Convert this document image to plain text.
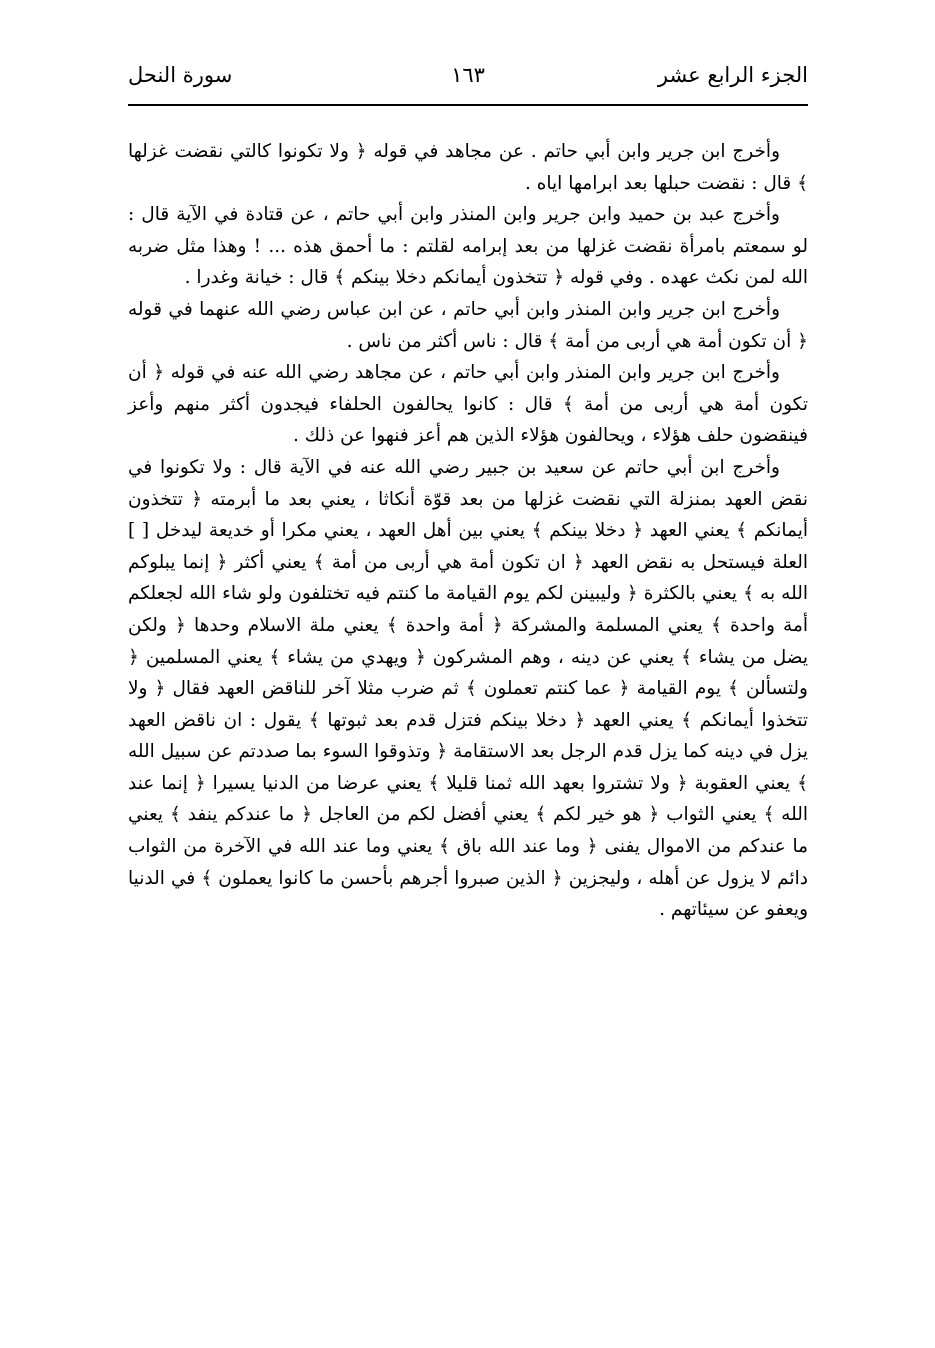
الجزء الرابع عشر
١٦٣
سورة النحل

وأخرج ابن جرير وابن أبي حاتم . عن مجاهد في قوله ﴿ ولا تكونوا كالتي نقضت غزلها ﴾ قال : نقضت حبلها بعد ابرامها اياه .

وأخرج عبد بن حميد وابن جرير وابن المنذر وابن أبي حاتم ، عن قتادة في الآية قال : لو سمعتم بامرأة نقضت غزلها من بعد إبرامه لقلتم : ما أحمق هذه ... ! وهذا مثل ضربه الله لمن نكث عهده . وفي قوله ﴿ تتخذون أيمانكم دخلا بينكم ﴾ قال : خيانة وغدرا .

وأخرج ابن جرير وابن المنذر وابن أبي حاتم ، عن ابن عباس رضي الله عنهما في قوله ﴿ أن تكون أمة هي أربى من أمة ﴾ قال : ناس أكثر من ناس .

وأخرج ابن جرير وابن المنذر وابن أبي حاتم ، عن مجاهد رضي الله عنه في قوله ﴿ أن تكون أمة هي أربى من أمة ﴾ قال : كانوا يحالفون الحلفاء فيجدون أكثر منهم وأعز فينقضون حلف هؤلاء ، ويحالفون هؤلاء الذين هم أعز فنهوا عن ذلك .

وأخرج ابن أبي حاتم عن سعيد بن جبير رضي الله عنه في الآية قال : ولا تكونوا في نقض العهد بمنزلة التي نقضت غزلها من بعد قوّة أنكاثا ، يعني بعد ما أبرمته ﴿ تتخذون أيمانكم ﴾ يعني العهد ﴿ دخلا بينكم ﴾ يعني بين أهل العهد ، يعني مكرا أو خديعة ليدخل [ ] العلة فيستحل به نقض العهد ﴿ ان تكون أمة هي أربى من أمة ﴾ يعني أكثر ﴿ إنما يبلوكم الله به ﴾ يعني بالكثرة ﴿ وليبينن لكم يوم القيامة ما كنتم فيه تختلفون ولو شاء الله لجعلكم أمة واحدة ﴾ يعني المسلمة والمشركة ﴿ أمة واحدة ﴾ يعني ملة الاسلام وحدها ﴿ ولكن يضل من يشاء ﴾ يعني عن دينه ، وهم المشركون ﴿ ويهدي من يشاء ﴾ يعني المسلمين ﴿ ولتسألن ﴾ يوم القيامة ﴿ عما كنتم تعملون ﴾ ثم ضرب مثلا آخر للناقض العهد فقال ﴿ ولا تتخذوا أيمانكم ﴾ يعني العهد ﴿ دخلا بينكم فتزل قدم بعد ثبوتها ﴾ يقول : ان ناقض العهد يزل في دينه كما يزل قدم الرجل بعد الاستقامة ﴿ وتذوقوا السوء بما صددتم عن سبيل الله ﴾ يعني العقوبة ﴿ ولا تشتروا بعهد الله ثمنا قليلا ﴾ يعني عرضا من الدنيا يسيرا ﴿ إنما عند الله ﴾ يعني الثواب ﴿ هو خير لكم ﴾ يعني أفضل لكم من العاجل ﴿ ما عندكم ينفد ﴾ يعني ما عندكم من الاموال يفنى ﴿ وما عند الله باق ﴾ يعني وما عند الله في الآخرة من الثواب دائم لا يزول عن أهله ، وليجزين ﴿ الذين صبروا أجرهم بأحسن ما كانوا يعملون ﴾ في الدنيا ويعفو عن سيئاتهم .
